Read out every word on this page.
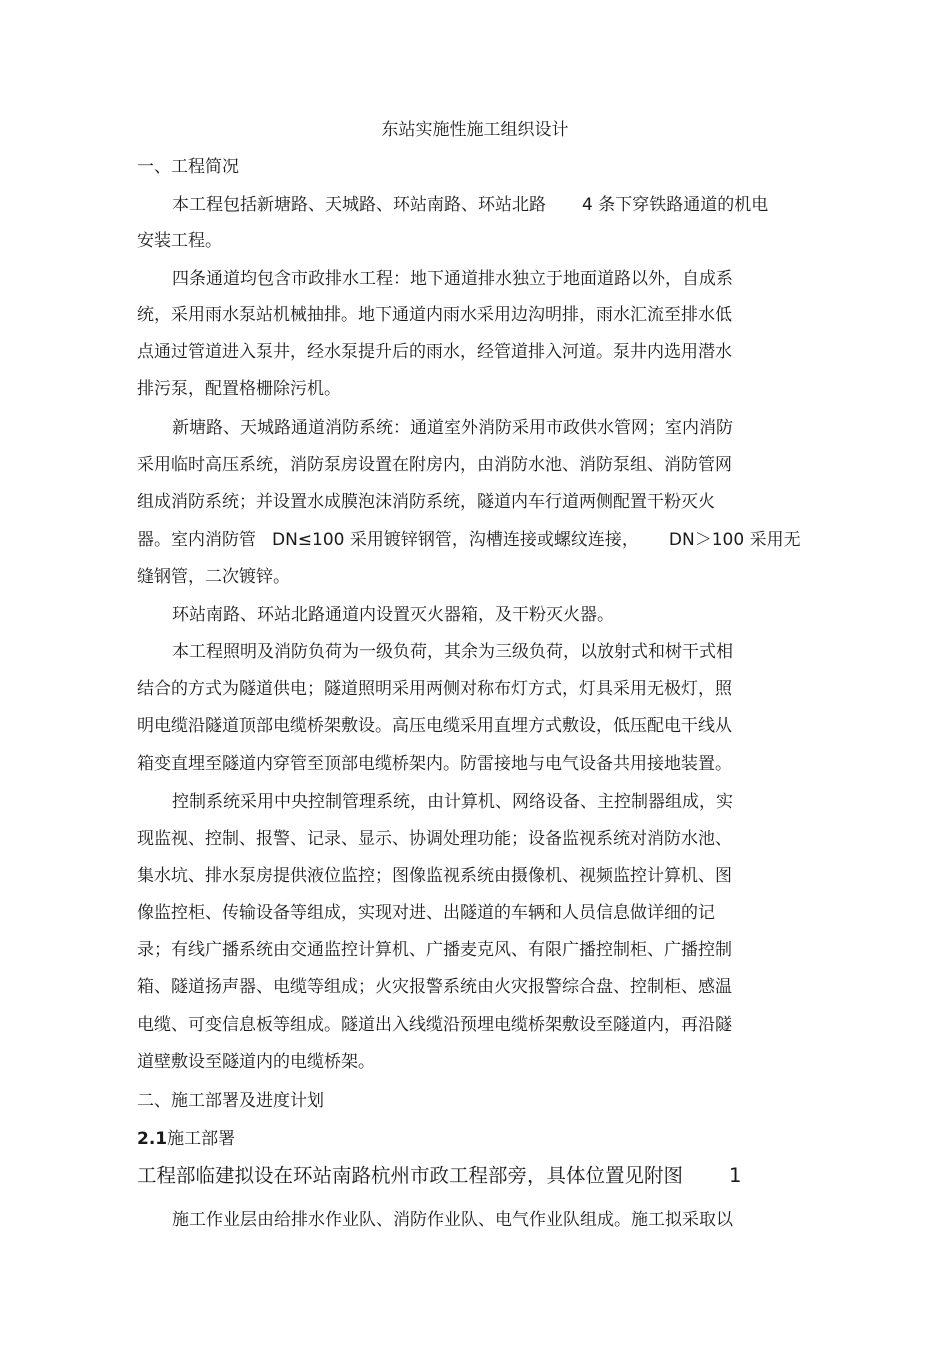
东站实施性施工组织设计
一、工程简况
本工程包括新塘路、天城路、环站南路、环站北路 4 条下穿铁路通道的机电
安装工程。
四条通道均包含市政排水工程：地下通道排水独立于地面道路以外，自成系
统，采用雨水泵站机械抽排。地下通道内雨水采用边沟明排，雨水汇流至排水低
点通过管道进入泵井，经水泵提升后的雨水，经管道排入河道。泵井内选用潜水
排污泵，配置格栅除污机。
新塘路、天城路通道消防系统：通道室外消防采用市政供水管网；室内消防
采用临时高压系统，消防泵房设置在附房内，由消防水池、消防泵组、消防管网
组成消防系统；并设置水成膜泡沫消防系统，隧道内车行道两侧配置干粉灭火
器。室内消防管 DN≤100 采用镀锌钢管，沟槽连接或螺纹连接， DN＞100 采用无
缝钢管，二次镀锌。
环站南路、环站北路通道内设置灭火器箱，及干粉灭火器。
本工程照明及消防负荷为一级负荷，其余为三级负荷，以放射式和树干式相
结合的方式为隧道供电；隧道照明采用两侧对称布灯方式，灯具采用无极灯，照
明电缆沿隧道顶部电缆桥架敷设。高压电缆采用直埋方式敷设，低压配电干线从
箱变直埋至隧道内穿管至顶部电缆桥架内。防雷接地与电气设备共用接地装置。
控制系统采用中央控制管理系统，由计算机、网络设备、主控制器组成，实
现监视、控制、报警、记录、显示、协调处理功能；设备监视系统对消防水池、
集水坑、排水泵房提供液位监控；图像监视系统由摄像机、视频监控计算机、图
像监控柜、传输设备等组成，实现对进、出隧道的车辆和人员信息做详细的记
录；有线广播系统由交通监控计算机、广播麦克风、有限广播控制柜、广播控制
箱、隧道扬声器、电缆等组成；火灾报警系统由火灾报警综合盘、控制柜、感温
电缆、可变信息板等组成。隧道出入线缆沿预埋电缆桥架敷设至隧道内，再沿隧
道壁敷设至隧道内的电缆桥架。
二、施工部署及进度计划
2.1施工部署
工程部临建拟设在环站南路杭州市政工程部旁，具体位置见附图 1
施工作业层由给排水作业队、消防作业队、电气作业队组成。施工拟采取以
